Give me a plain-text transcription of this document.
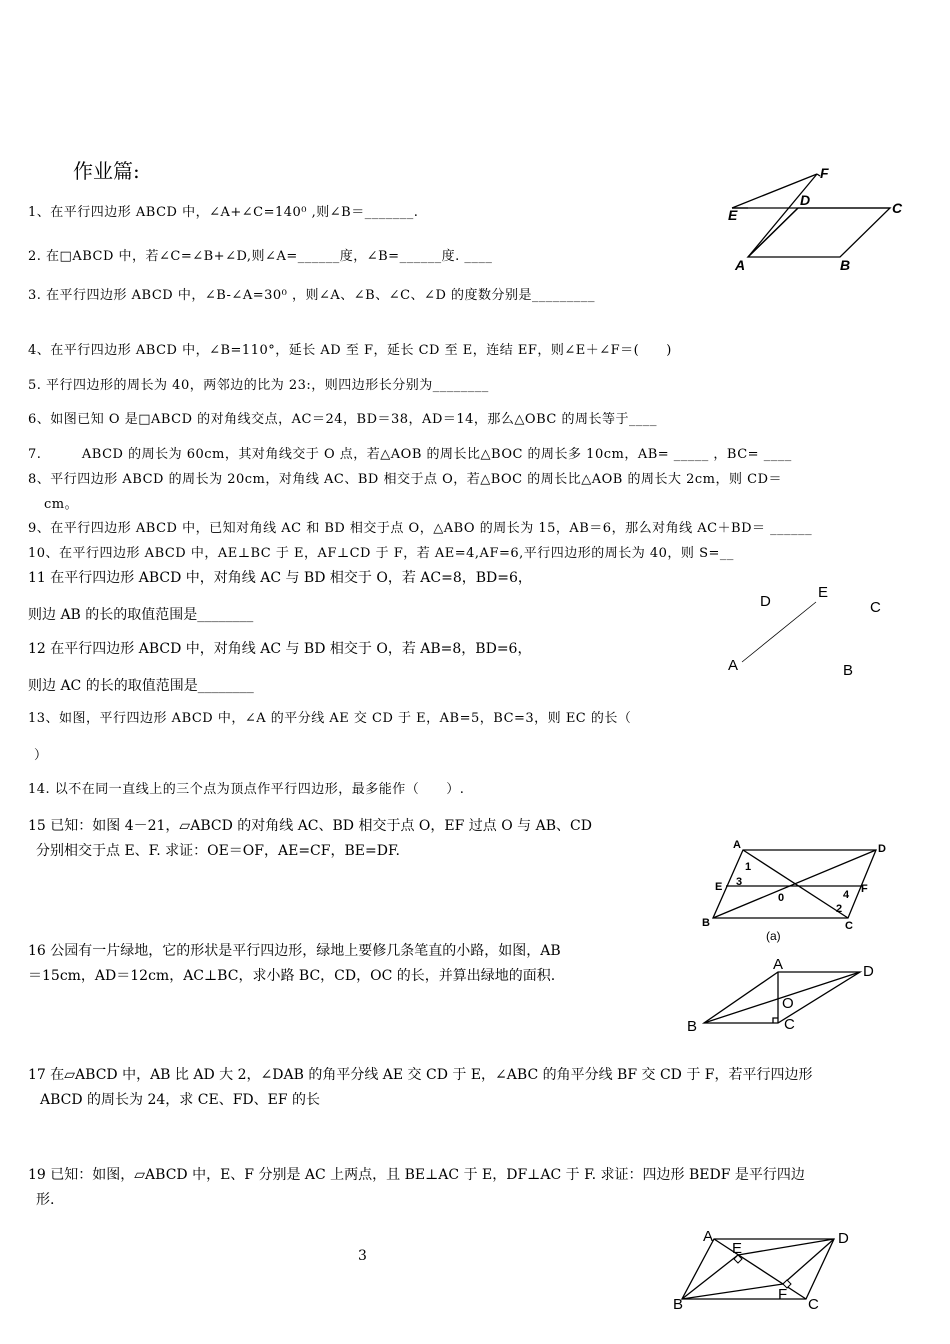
作业篇:
1、在平行四边形 ABCD 中，∠A+∠C=140⁰ ,则∠B＝_______.
2. 在□ABCD 中，若∠C=∠B+∠D,则∠A=______度，∠B=______度. ____
3. 在平行四边形 ABCD 中，∠B-∠A=30⁰ ，则∠A、∠B、∠C、∠D 的度数分别是_________
4、在平行四边形 ABCD 中，∠B=110°，延长 AD 至 F，延长 CD 至 E，连结 EF，则∠E＋∠F＝(　　)
5. 平行四边形的周长为 40，两邻边的比为 23:，则四边形长分别为________
6、如图已知 O 是□ABCD 的对角线交点，AC＝24，BD＝38，AD＝14，那么△OBC 的周长等于____
7.　　　ABCD 的周长为 60cm，其对角线交于 O 点，若△AOB 的周长比△BOC 的周长多 10cm，AB= _____ ，BC= ____
8、平行四边形 ABCD 的周长为 20cm，对角线 AC、BD 相交于点 O，若△BOC 的周长比△AOB 的周长大 2cm，则 CD＝
cm。
9、在平行四边形 ABCD 中，已知对角线 AC 和 BD 相交于点 O，△ABO 的周长为 15，AB＝6，那么对角线 AC＋BD＝ ______
10、在平行四边形 ABCD 中，AE⊥BC 于 E，AF⊥CD 于 F，若 AE=4,AF=6,平行四边形的周长为 40，则 S=__
11 在平行四边形 ABCD 中，对角线 AC 与 BD 相交于 O，若 AC=8，BD=6，
则边 AB 的长的取值范围是________
12 在平行四边形 ABCD 中，对角线 AC 与 BD 相交于 O，若 AB=8，BD=6，
则边 AC 的长的取值范围是________
13、如图，平行四边形 ABCD 中，∠A 的平分线 AE 交 CD 于 E，AB=5，BC=3，则 EC 的长（
）
14. 以不在同一直线上的三个点为顶点作平行四边形，最多能作（　　）.
15 已知：如图 4－21，▱ABCD 的对角线 AC、BD 相交于点 O，EF 过点 O 与 AB、CD
分别相交于点 E、F. 求证：OE＝OF，AE=CF，BE=DF.
16 公园有一片绿地，它的形状是平行四边形，绿地上要修几条笔直的小路，如图，AB
＝15cm，AD＝12cm，AC⊥BC，求小路 BC，CD，OC 的长，并算出绿地的面积.
17 在▱ABCD 中，AB 比 AD 大 2，∠DAB 的角平分线 AE 交 CD 于 E，∠ABC 的角平分线 BF 交 CD 于 F，若平行四边形
ABCD 的周长为 24，求 CE、FD、EF 的长
19 已知：如图，▱ABCD 中，E、F 分别是 AC 上两点，且 BE⊥AC 于 E，DF⊥AC 于 F. 求证：四边形 BEDF 是平行四边
形.
3
F
D
E	C
A	B
D
E
C
A	B
A	D
E	F
B	C
0
1
2
3
4
(a)
A	D
O
B	C
A	D
E
F
B	C
